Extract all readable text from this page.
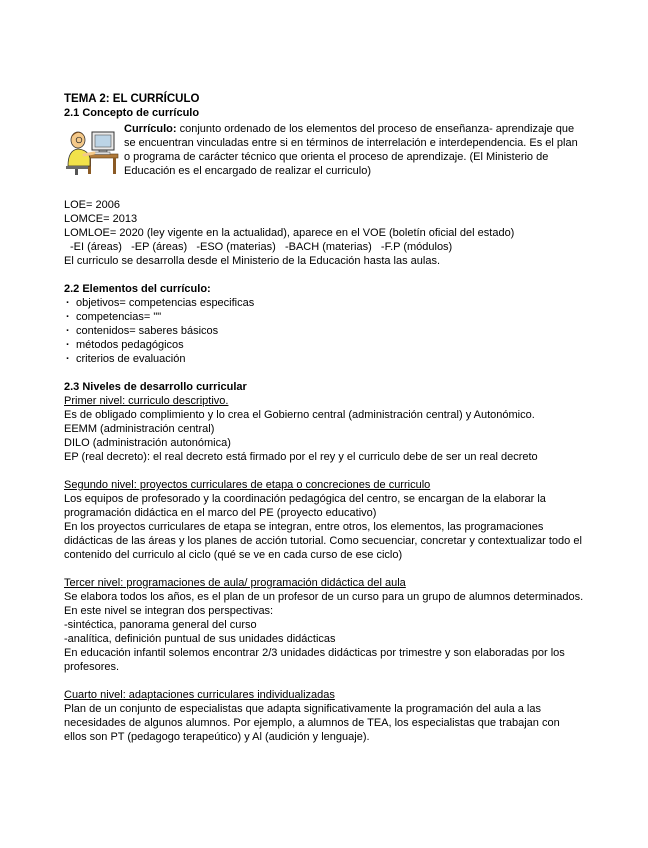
TEMA 2: EL CURRÍCULO
2.1 Concepto de currículo
Currículo: conjunto ordenado de los elementos del proceso de enseñanza- aprendizaje que se encuentran vinculadas entre si en términos de interrelación e interdependencia. Es el plan o programa de carácter técnico que orienta el proceso de aprendizaje. (El Ministerio de Educación es el encargado de realizar el curriculo)

LOE= 2006

LOMCE= 2013

LOMLOE= 2020 (ley vigente en la actualidad), aparece en el VOE (boletín oficial del estado)

-EI (áreas)   -EP (áreas)   -ESO (materias)   -BACH (materias)   -F.P (módulos)

El curriculo se desarrolla desde el Ministerio de la Educación hasta las aulas.

2.2 Elementos del currículo:
· objetivos= competencias especificas
· competencias= ""
· contenidos= saberes básicos
· métodos pedagógicos
· criterios de evaluación
2.3 Niveles de desarrollo curricular

Primer nivel: curriculo descriptivo.

Es de obligado complimiento y lo crea el Gobierno central (administración central) y Autonómico.

EEMM (administración central)

DILO (administración autonómica)

EP (real decreto): el real decreto está firmado por el rey y el curriculo debe de ser un real decreto

Segundo nivel: proyectos curriculares de etapa o concreciones de curriculo

Los equipos de profesorado y la coordinación pedagógica del centro, se encargan de la elaborar la programación didáctica en el marco del PE (proyecto educativo)

En los proyectos curriculares de etapa se integran, entre otros, los elementos, las programaciones didácticas de las áreas y los planes de acción tutorial. Como secuenciar, concretar y contextualizar todo el contenido del curriculo al ciclo (qué se ve en cada curso de ese ciclo)

Tercer nivel: programaciones de aula/ programación didáctica del aula

Se elabora todos los años, es el plan de un profesor de un curso para un grupo de alumnos determinados.

En este nivel se integran dos perspectivas:

-sintéctica, panorama general del curso

-analítica, definición puntual de sus unidades didácticas

En educación infantil solemos encontrar 2/3 unidades didácticas por trimestre y son elaboradas por los profesores.

Cuarto nivel: adaptaciones curriculares individualizadas

Plan de un conjunto de especialistas que adapta significativamente la programación del aula a las necesidades de algunos alumnos. Por ejemplo, a alumnos de TEA, los especialistas que trabajan con ellos son PT (pedagogo terapeútico) y Al (audición y lenguaje).
